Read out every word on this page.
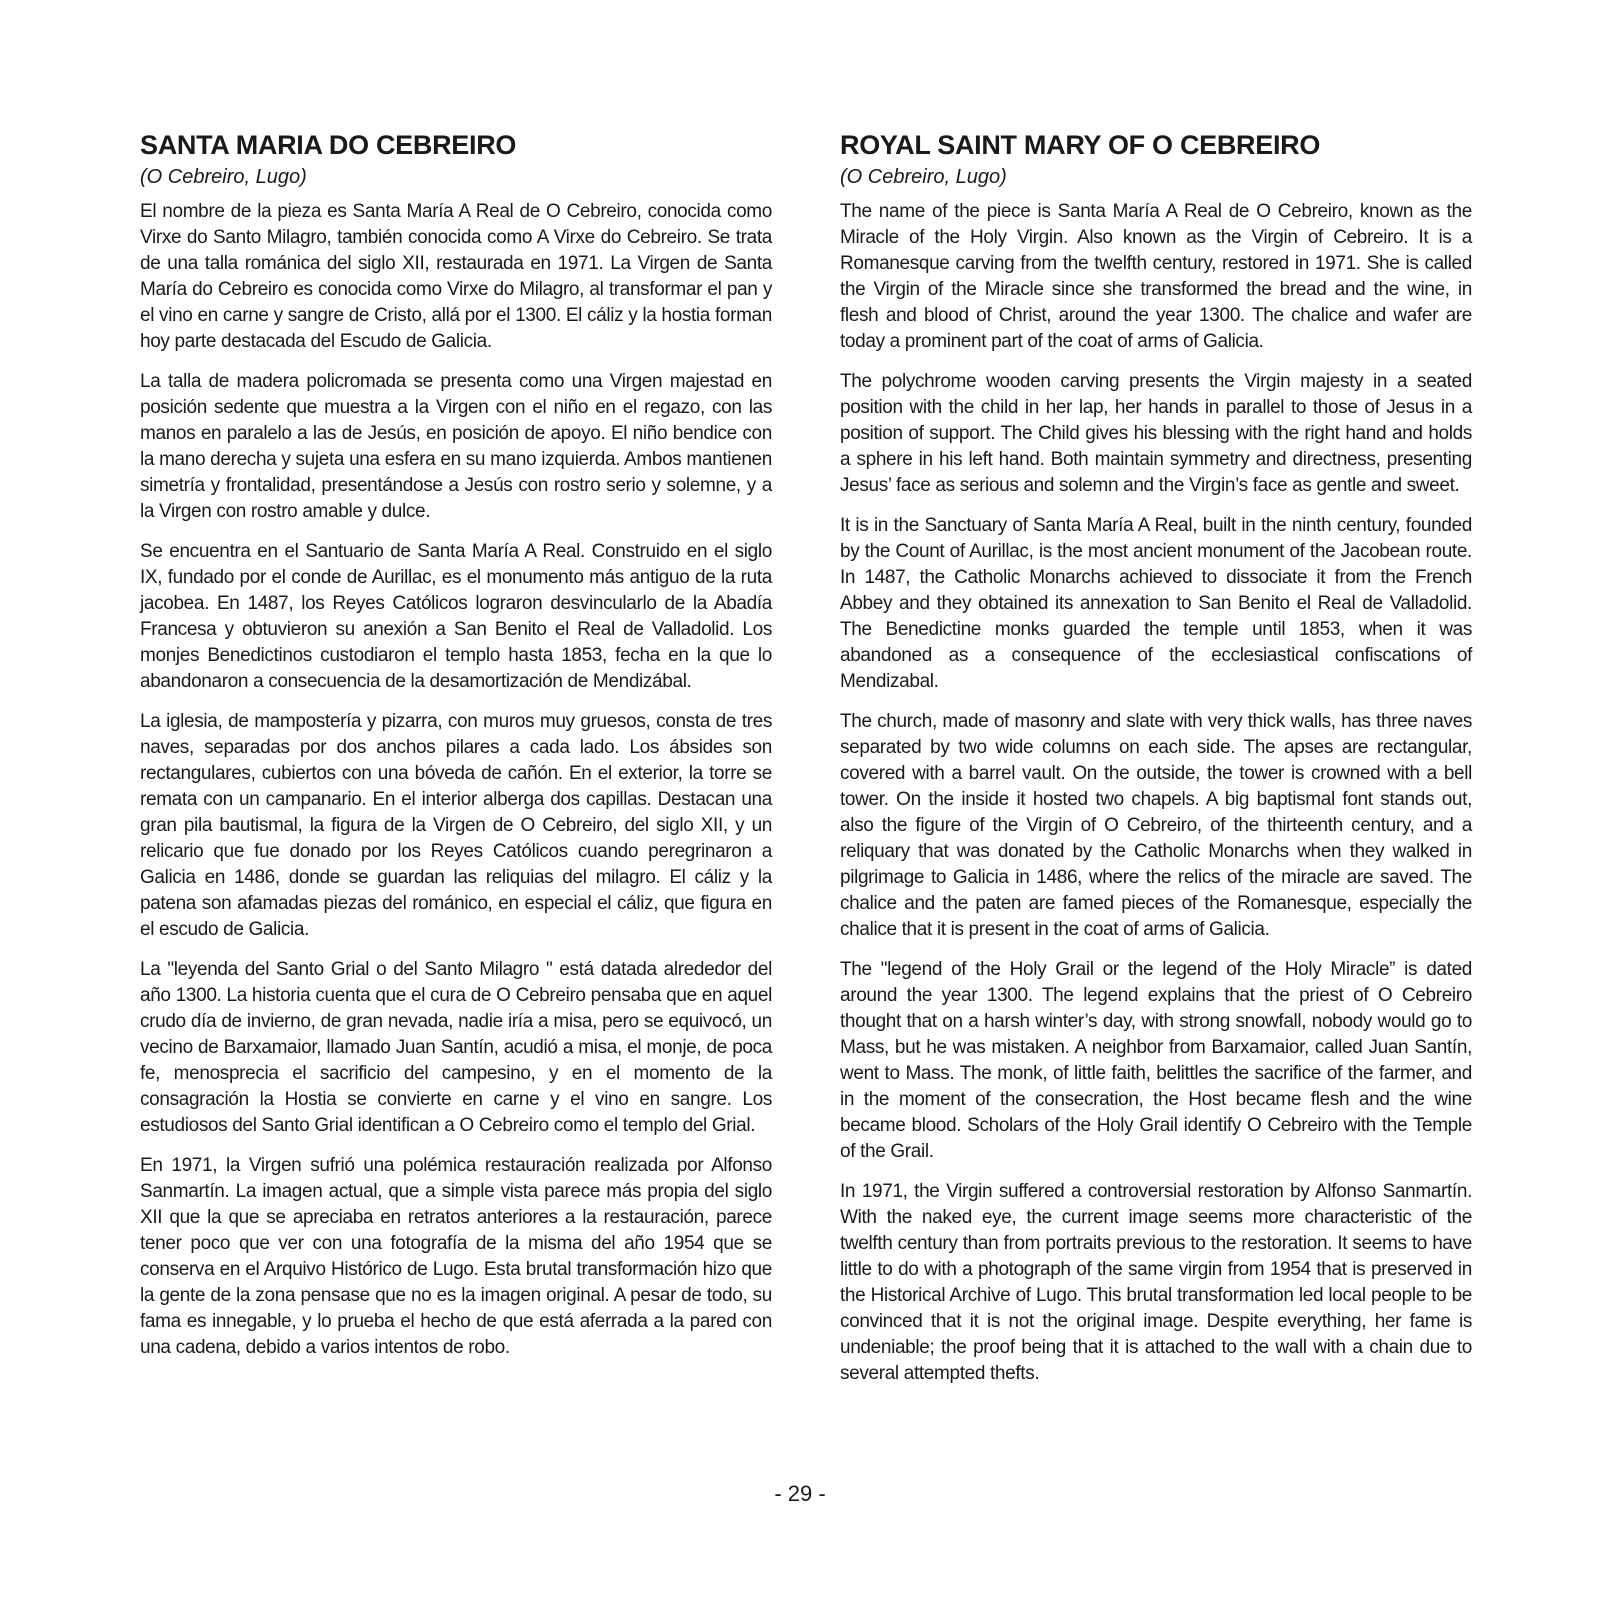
SANTA MARIA DO CEBREIRO
(O Cebreiro, Lugo)

El nombre de la pieza es Santa María A Real de O Cebreiro, conocida como Virxe do Santo Milagro, también conocida como A Virxe do Cebreiro. Se trata de una talla románica del siglo XII, restaurada en 1971. La Virgen de Santa María do Cebreiro es conocida como Virxe do Milagro, al transformar el pan y el vino en carne y sangre de Cristo, allá por el 1300. El cáliz y la hostia forman hoy parte destacada del Escudo de Galicia.

La talla de madera policromada se presenta como una Virgen majestad en posición sedente que muestra a la Virgen con el niño en el regazo, con las manos en paralelo a las de Jesús, en posición de apoyo. El niño bendice con la mano derecha y sujeta una esfera en su mano izquierda. Ambos mantienen simetría y frontalidad, presentándose a Jesús con rostro serio y solemne, y a la Virgen con rostro amable y dulce.

Se encuentra en el Santuario de Santa María A Real. Construido en el siglo IX, fundado por el conde de Aurillac, es el monumento más antiguo de la ruta jacobea. En 1487, los Reyes Católicos lograron desvincularlo de la Abadía Francesa y obtuvieron su anexión a San Benito el Real de Valladolid. Los monjes Benedictinos custodiaron el templo hasta 1853, fecha en la que lo abandonaron a consecuencia de la desamortización de Mendizábal.

La iglesia, de mampostería y pizarra, con muros muy gruesos, consta de tres naves, separadas por dos anchos pilares a cada lado. Los ábsides son rectangulares, cubiertos con una bóveda de cañón. En el exterior, la torre se remata con un campanario. En el interior alberga dos capillas. Destacan una gran pila bautismal, la figura de la Virgen de O Cebreiro, del siglo XII, y un relicario que fue donado por los Reyes Católicos cuando peregrinaron a Galicia en 1486, donde se guardan las reliquias del milagro. El cáliz y la patena son afamadas piezas del románico, en especial el cáliz, que figura en el escudo de Galicia.

La "leyenda del Santo Grial o del Santo Milagro " está datada alrededor del año 1300. La historia cuenta que el cura de O Cebreiro pensaba que en aquel crudo día de invierno, de gran nevada, nadie iría a misa, pero se equivocó, un vecino de Barxamaior, llamado Juan Santín, acudió a misa, el monje, de poca fe, menosprecia el sacrificio del campesino, y en el momento de la consagración la Hostia se convierte en carne y el vino en sangre. Los estudiosos del Santo Grial identifican a O Cebreiro como el templo del Grial.

En 1971, la Virgen sufrió una polémica restauración realizada por Alfonso Sanmartín. La imagen actual, que a simple vista parece más propia del siglo XII que la que se apreciaba en retratos anteriores a la restauración, parece tener poco que ver con una fotografía de la misma del año 1954 que se conserva en el Arquivo Histórico de Lugo. Esta brutal transformación hizo que la gente de la zona pensase que no es la imagen original. A pesar de todo, su fama es innegable, y lo prueba el hecho de que está aferrada a la pared con una cadena, debido a varios intentos de robo.

ROYAL SAINT MARY OF O CEBREIRO
(O Cebreiro, Lugo)

The name of the piece is Santa María A Real de O Cebreiro, known as the Miracle of the Holy Virgin. Also known as the Virgin of Cebreiro. It is a Romanesque carving from the twelfth century, restored in 1971. She is called the Virgin of the Miracle since she transformed the bread and the wine, in flesh and blood of Christ, around the year 1300. The chalice and wafer are today a prominent part of the coat of arms of Galicia.

The polychrome wooden carving presents the Virgin majesty in a seated position with the child in her lap, her hands in parallel to those of Jesus in a position of support. The Child gives his blessing with the right hand and holds a sphere in his left hand. Both maintain symmetry and directness, presenting Jesus’ face as serious and solemn and the Virgin’s face as gentle and sweet.

It is in the Sanctuary of Santa María A Real, built in the ninth century, founded by the Count of Aurillac, is the most ancient monument of the Jacobean route. In 1487, the Catholic Monarchs achieved to dissociate it from the French Abbey and they obtained its annexation to San Benito el Real de Valladolid. The Benedictine monks guarded the temple until 1853, when it was abandoned as a consequence of the ecclesiastical confiscations of Mendizabal.

The church, made of masonry and slate with very thick walls, has three naves separated by two wide columns on each side. The apses are rectangular, covered with a barrel vault. On the outside, the tower is crowned with a bell tower. On the inside it hosted two chapels. A big baptismal font stands out, also the figure of the Virgin of O Cebreiro, of the thirteenth century, and a reliquary that was donated by the Catholic Monarchs when they walked in pilgrimage to Galicia in 1486, where the relics of the miracle are saved. The chalice and the paten are famed pieces of the Romanesque, especially the chalice that it is present in the coat of arms of Galicia.

The "legend of the Holy Grail or the legend of the Holy Miracle” is dated around the year 1300. The legend explains that the priest of O Cebreiro thought that on a harsh winter’s day, with strong snowfall, nobody would go to Mass, but he was mistaken. A neighbor from Barxamaior, called Juan Santín, went to Mass. The monk, of little faith, belittles the sacrifice of the farmer, and in the moment of the consecration, the Host became flesh and the wine became blood. Scholars of the Holy Grail identify O Cebreiro with the Temple of the Grail.

In 1971, the Virgin suffered a controversial restoration by Alfonso Sanmartín. With the naked eye, the current image seems more characteristic of the twelfth century than from portraits previous to the restoration. It seems to have little to do with a photograph of the same virgin from 1954 that is preserved in the Historical Archive of Lugo. This brutal transformation led local people to be convinced that it is not the original image. Despite everything, her fame is undeniable; the proof being that it is attached to the wall with a chain due to several attempted thefts.

- 29 -
